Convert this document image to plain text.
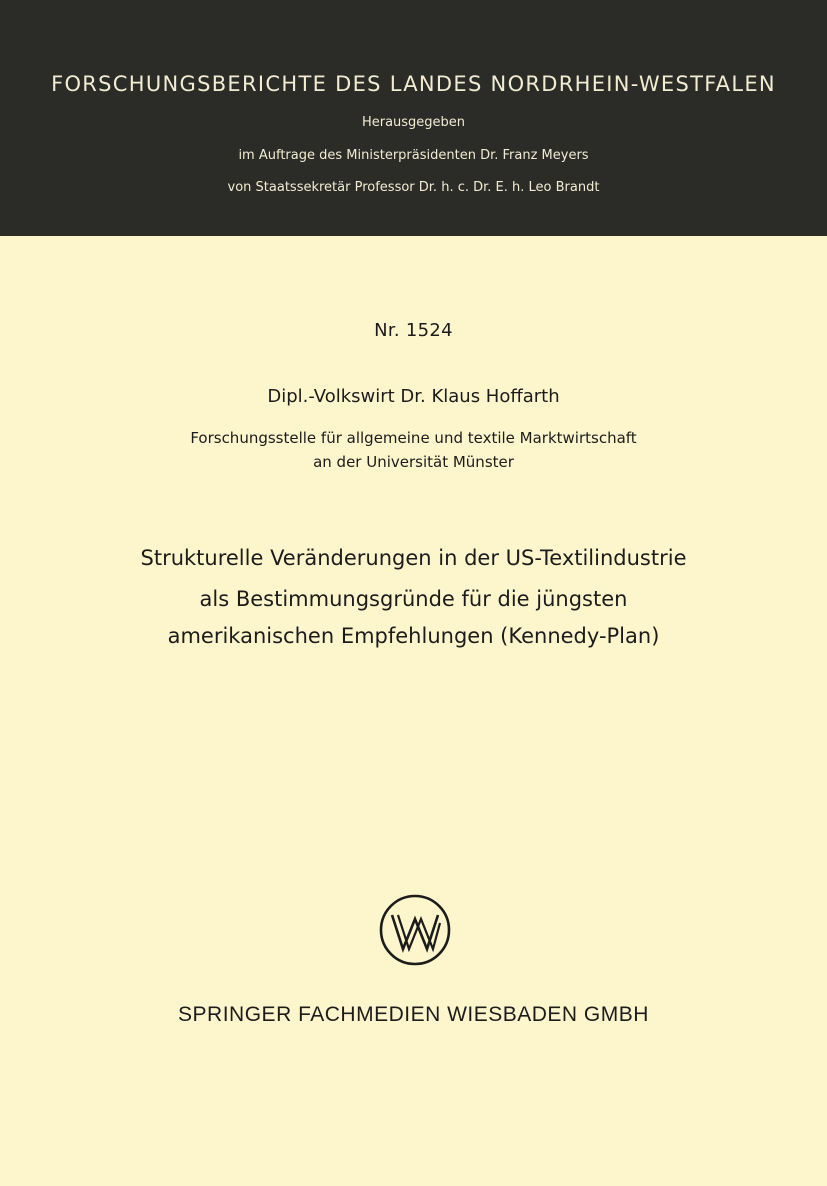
FORSCHUNGSBERICHTE DES LANDES NORDRHEIN-WESTFALEN
Herausgegeben
im Auftrage des Ministerpräsidenten Dr. Franz Meyers
von Staatssekretär Professor Dr. h. c. Dr. E. h. Leo Brandt
Nr. 1524
Dipl.-Volkswirt Dr. Klaus Hoffarth
Forschungsstelle für allgemeine und textile Marktwirtschaft
an der Universität Münster
Strukturelle Veränderungen in der US-Textilindustrie
als Bestimmungsgründe für die jüngsten
amerikanischen Empfehlungen (Kennedy-Plan)
SPRINGER FACHMEDIEN WIESBADEN GMBH
